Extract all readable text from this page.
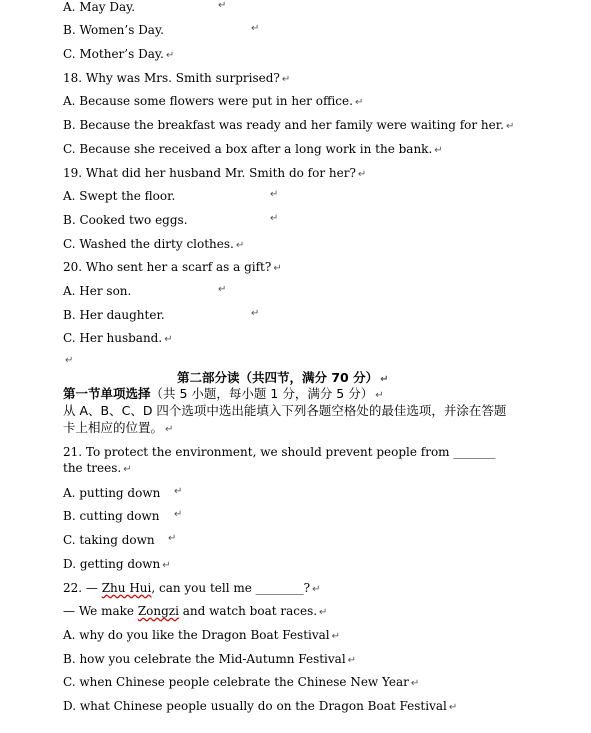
A. May Day.	↵
B. Women’s Day.	↵
C. Mother’s Day. ↵
18. Why was Mrs. Smith surprised? ↵
A. Because some flowers were put in her office. ↵
B. Because the breakfast was ready and her family were waiting for her. ↵
C. Because she received a box after a long work in the bank. ↵
19. What did her husband Mr. Smith do for her? ↵
A. Swept the floor.	↵
B. Cooked two eggs.	↵
C. Washed the dirty clothes. ↵
20. Who sent her a scarf as a gift? ↵
A. Her son.	↵
B. Her daughter.	↵
C. Her husband. ↵
↵
第二部分读（共四节，满分 70 分） ↵
第一节单项选择（共 5 小题，每小题 1 分，满分 5 分） ↵
从 A、B、C、D 四个选项中选出能填入下列各题空格处的最佳选项，并涂在答题
卡上相应的位置。 ↵
21. To protect the environment, we should prevent people from _______
the trees. ↵
A. putting down ↵
B. cutting down ↵
C. taking down ↵
D. getting down ↵
22. — Zhu Hui, can you tell me ________? ↵
— We make Zongzi and watch boat races. ↵
A. why do you like the Dragon Boat Festival ↵
B. how you celebrate the Mid-Autumn Festival ↵
C. when Chinese people celebrate the Chinese New Year ↵
D. what Chinese people usually do on the Dragon Boat Festival ↵
